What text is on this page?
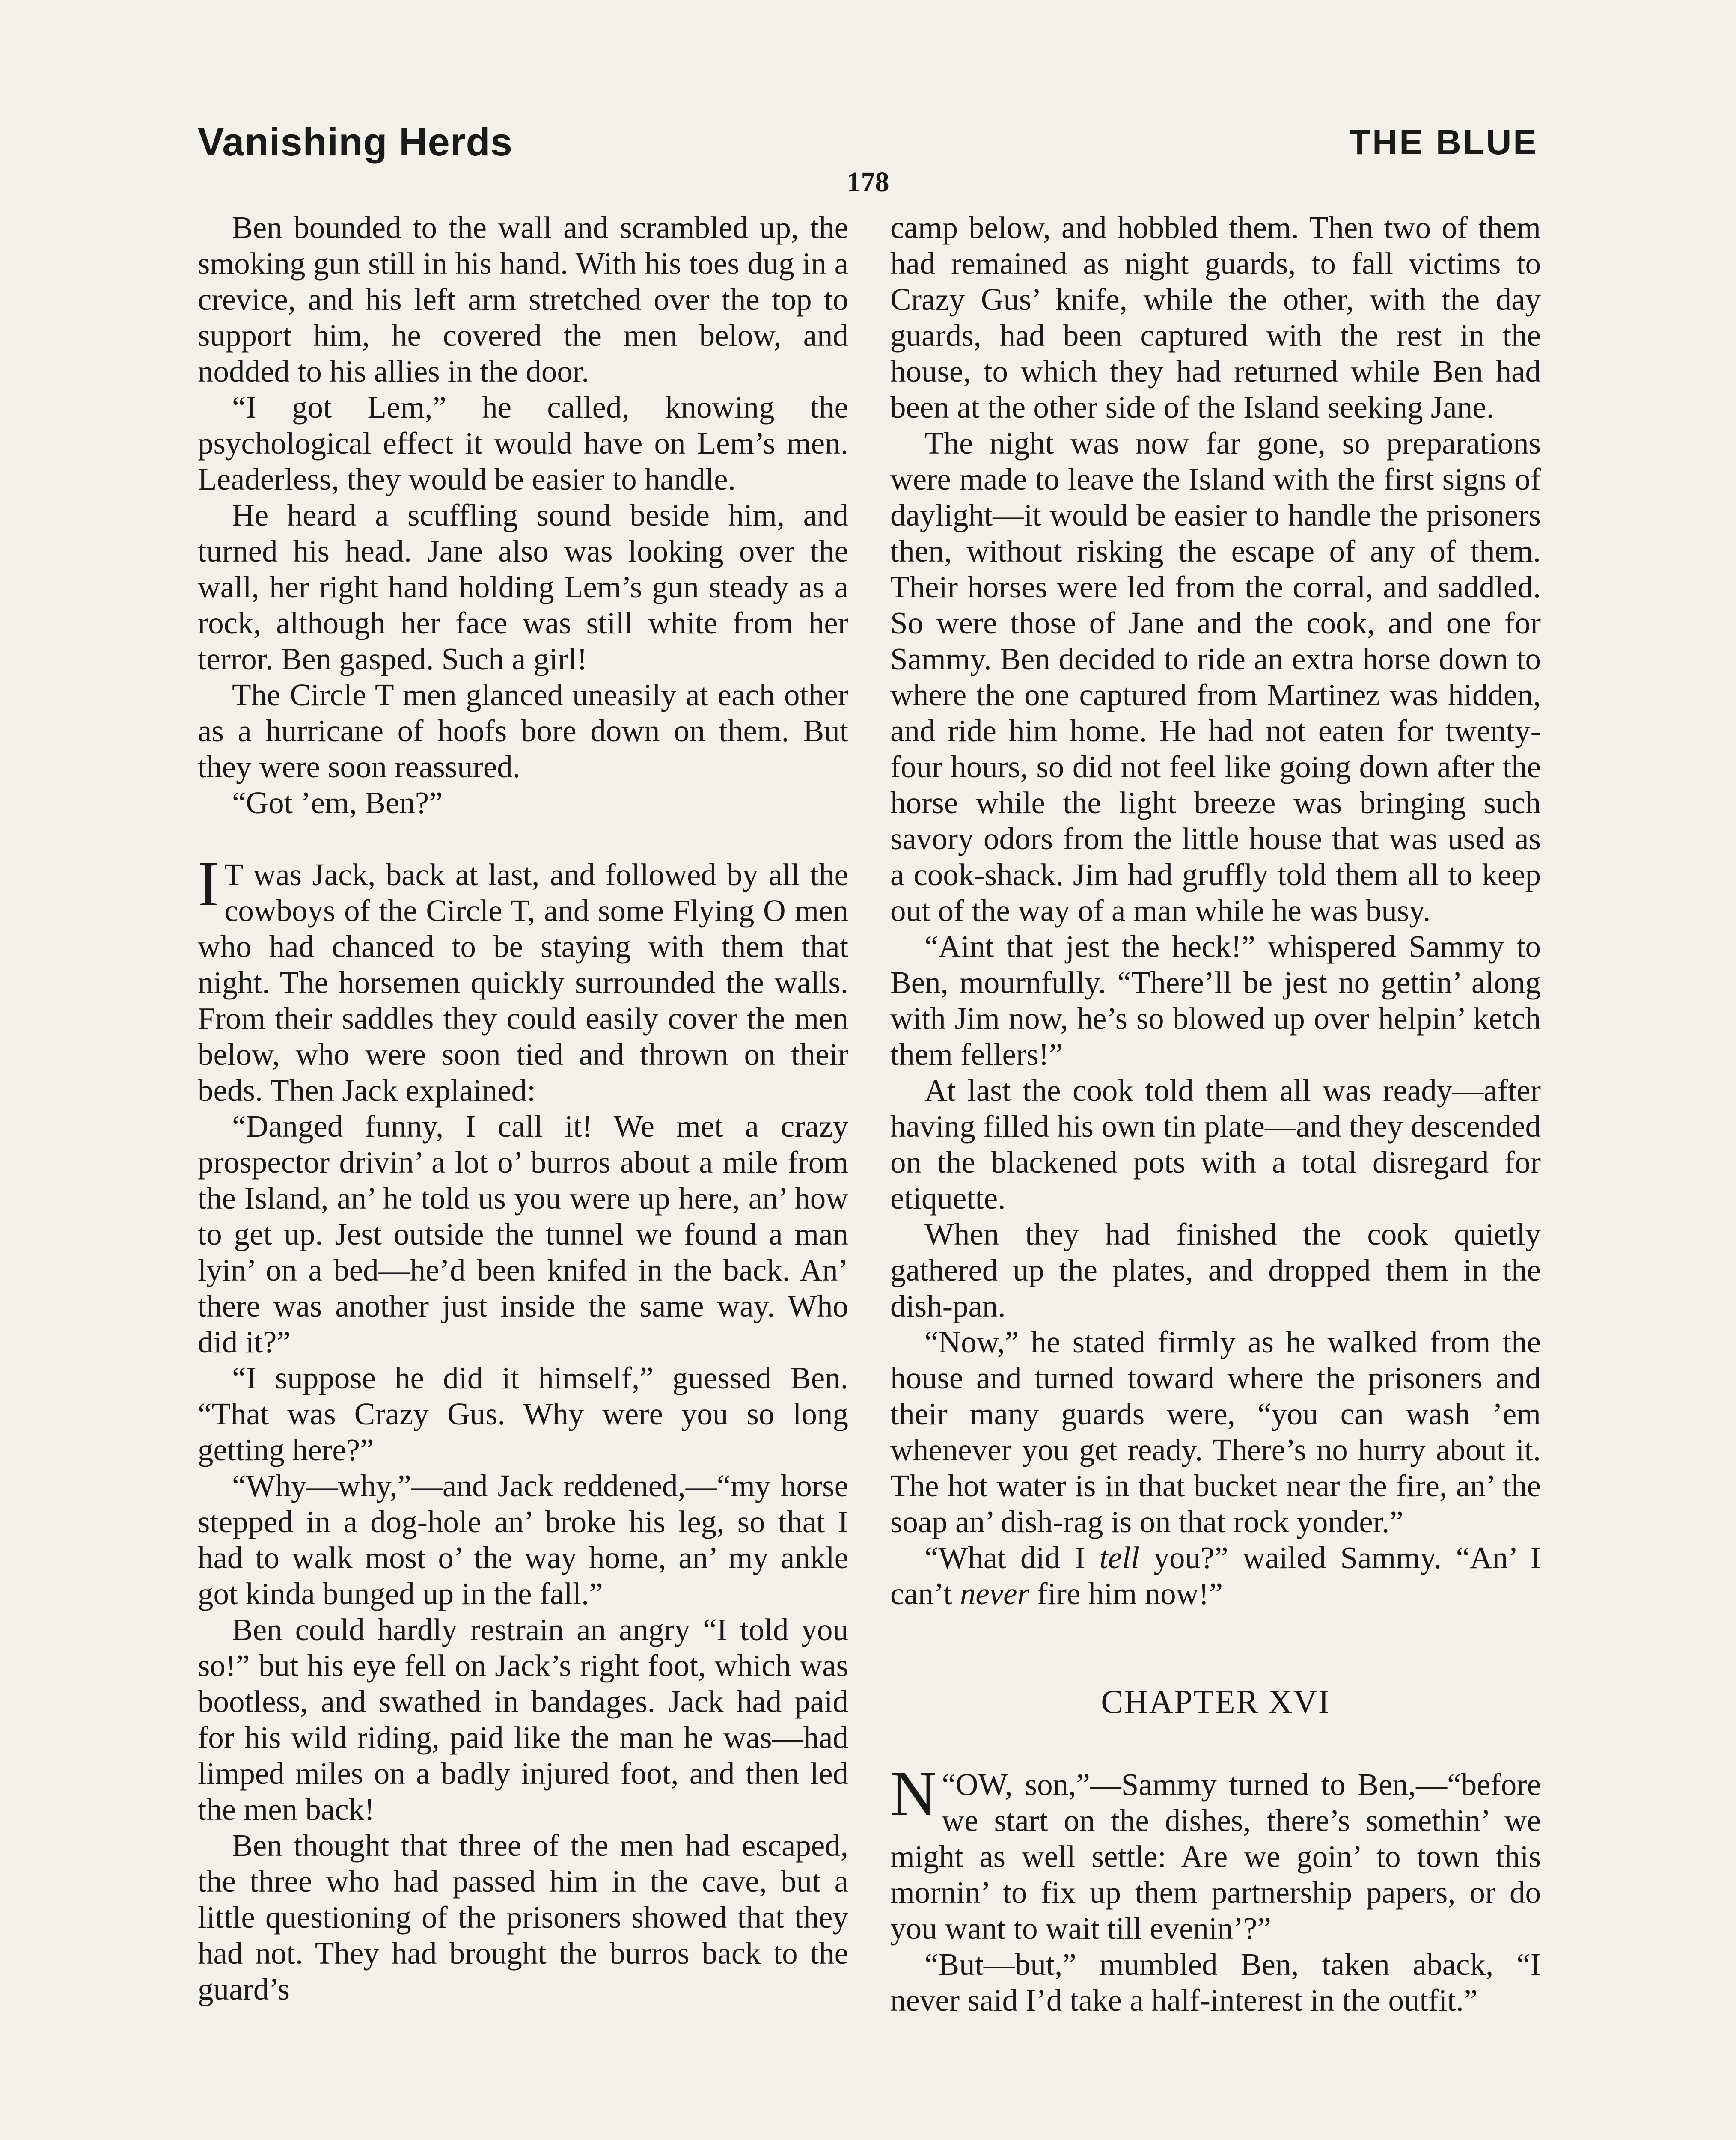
Vanishing Herds	THE BLUE
178

Ben bounded to the wall and scrambled up, the smoking gun still in his hand. With his toes dug in a crevice, and his left arm stretched over the top to support him, he covered the men below, and nodded to his allies in the door.

“I got Lem,” he called, knowing the psychological effect it would have on Lem’s men. Leaderless, they would be easier to handle.

He heard a scuffling sound beside him, and turned his head. Jane also was looking over the wall, her right hand holding Lem’s gun steady as a rock, although her face was still white from her terror. Ben gasped. Such a girl!

The Circle T men glanced uneasily at each other as a hurricane of hoofs bore down on them. But they were soon reassured.

“Got ’em, Ben?”

I T was Jack, back at last, and followed by all the cowboys of the Circle T, and some Flying O men who had chanced to be staying with them that night. The horsemen quickly surrounded the walls. From their saddles they could easily cover the men below, who were soon tied and thrown on their beds. Then Jack explained:

“Danged funny, I call it! We met a crazy prospector drivin’ a lot o’ burros about a mile from the Island, an’ he told us you were up here, an’ how to get up. Jest outside the tunnel we found a man lyin’ on a bed—he’d been knifed in the back. An’ there was another just inside the same way. Who did it?”

“I suppose he did it himself,” guessed Ben. “That was Crazy Gus. Why were you so long getting here?”

“Why—why,”—and Jack reddened,—“my horse stepped in a dog-hole an’ broke his leg, so that I had to walk most o’ the way home, an’ my ankle got kinda bunged up in the fall.”

Ben could hardly restrain an angry “I told you so!” but his eye fell on Jack’s right foot, which was bootless, and swathed in bandages. Jack had paid for his wild riding, paid like the man he was—had limped miles on a badly injured foot, and then led the men back!

Ben thought that three of the men had escaped, the three who had passed him in the cave, but a little questioning of the prisoners showed that they had not. They had brought the burros back to the guard’s

camp below, and hobbled them. Then two of them had remained as night guards, to fall victims to Crazy Gus’ knife, while the other, with the day guards, had been captured with the rest in the house, to which they had returned while Ben had been at the other side of the Island seeking Jane.

The night was now far gone, so preparations were made to leave the Island with the first signs of daylight—it would be easier to handle the prisoners then, without risking the escape of any of them. Their horses were led from the corral, and saddled. So were those of Jane and the cook, and one for Sammy. Ben decided to ride an extra horse down to where the one captured from Martinez was hidden, and ride him home. He had not eaten for twenty-four hours, so did not feel like going down after the horse while the light breeze was bringing such savory odors from the little house that was used as a cook-shack. Jim had gruffly told them all to keep out of the way of a man while he was busy.

“Aint that jest the heck!” whispered Sammy to Ben, mournfully. “There’ll be jest no gettin’ along with Jim now, he’s so blowed up over helpin’ ketch them fellers!”

At last the cook told them all was ready—after having filled his own tin plate—and they descended on the blackened pots with a total disregard for etiquette.

When they had finished the cook quietly gathered up the plates, and dropped them in the dish-pan.

“Now,” he stated firmly as he walked from the house and turned toward where the prisoners and their many guards were, “you can wash ’em whenever you get ready. There’s no hurry about it. The hot water is in that bucket near the fire, an’ the soap an’ dish-rag is on that rock yonder.”

“What did I tell you?” wailed Sammy. “An’ I can’t never fire him now!”

CHAPTER XVI

“
N OW, son,”—Sammy turned to Ben,—“before we start on the dishes, there’s somethin’ we might as well settle: Are we goin’ to town this mornin’ to fix up them partnership papers, or do you want to wait till evenin’?”

“But—but,” mumbled Ben, taken aback, “I never said I’d take a half-interest in the outfit.”
